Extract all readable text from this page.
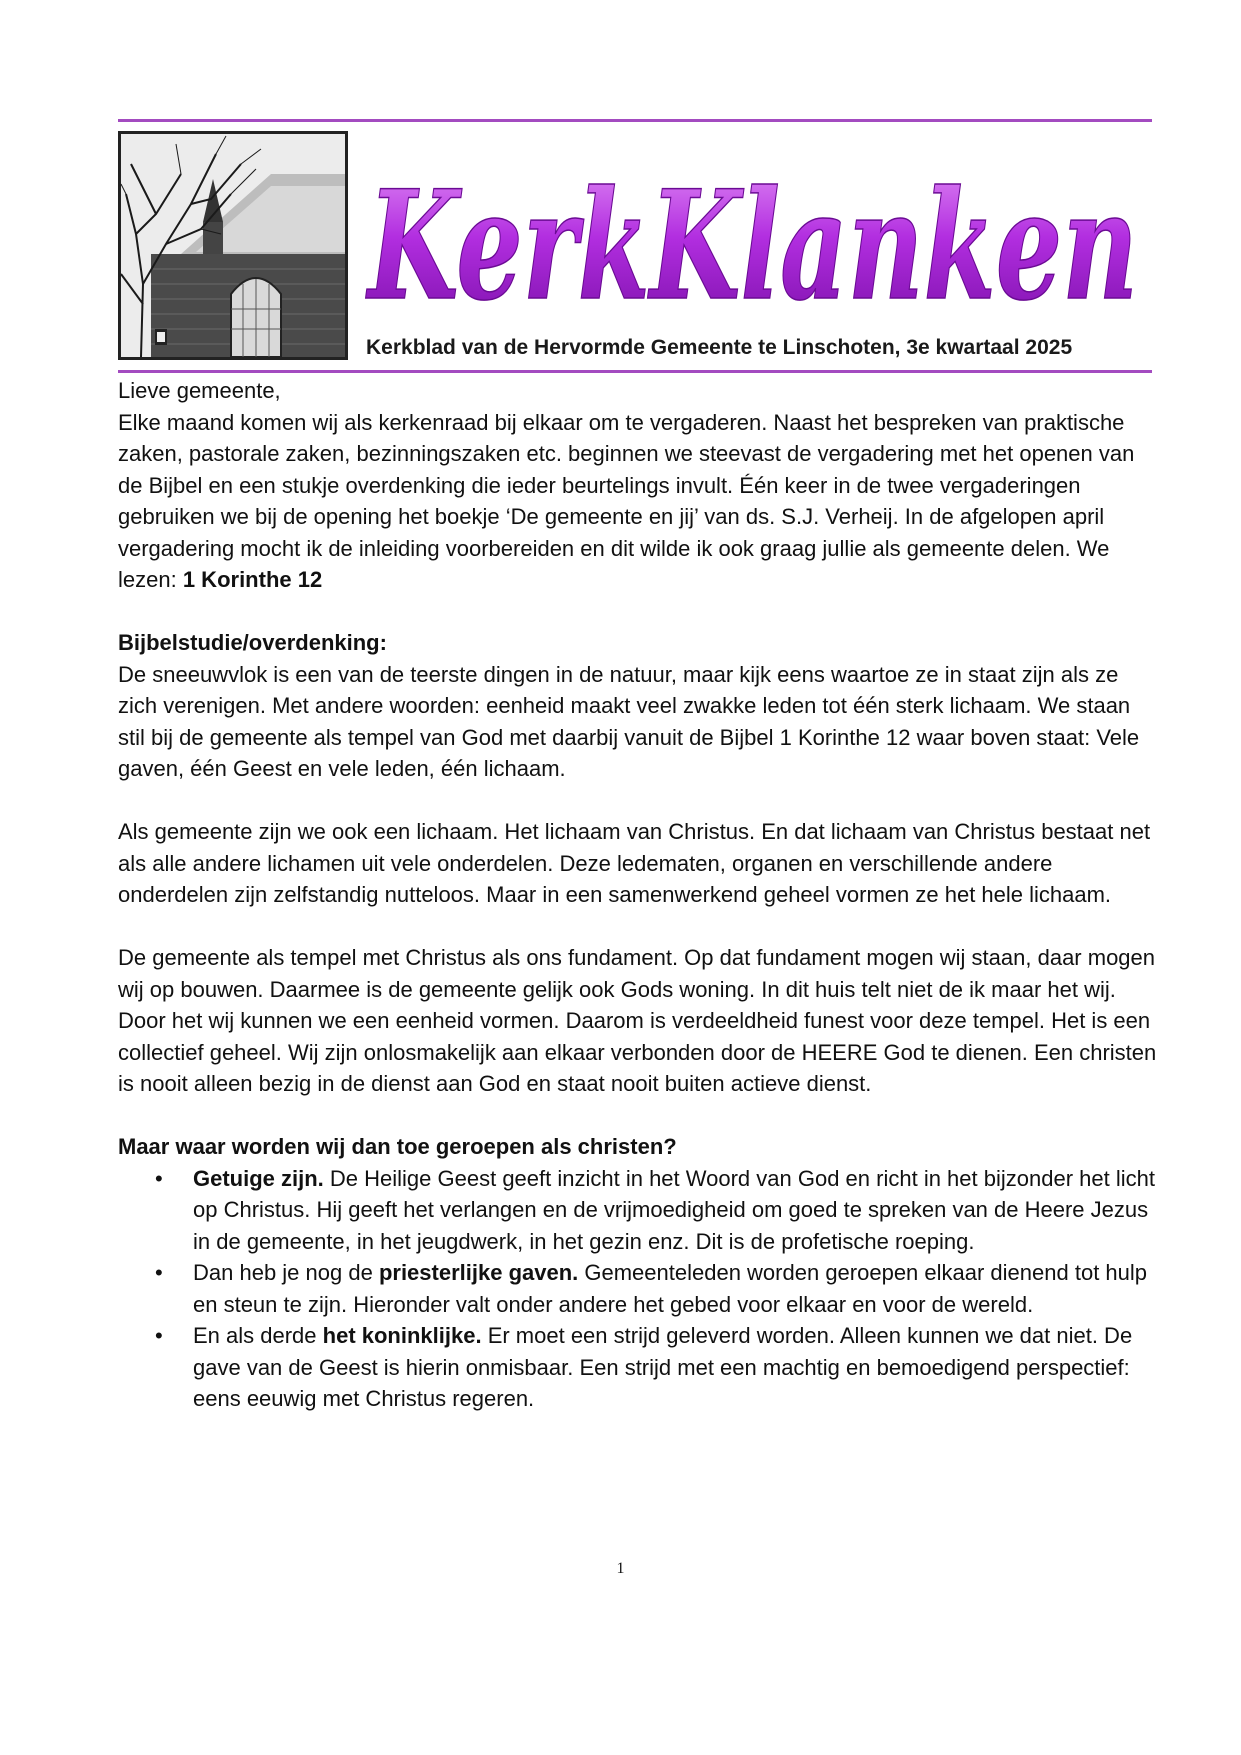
KerkKlanken
Kerkblad van de Hervormde Gemeente te Linschoten, 3e kwartaal 2025

Lieve gemeente,

Elke maand komen wij als kerkenraad bij elkaar om te vergaderen. Naast het bespreken van praktische zaken, pastorale zaken, bezinningszaken etc. beginnen we steevast de vergadering met het openen van de Bijbel en een stukje overdenking die ieder beurtelings invult. Één keer in de twee vergaderingen gebruiken we bij de opening het boekje ‘De gemeente en jij’ van ds. S.J. Verheij. In de afgelopen april vergadering mocht ik de inleiding voorbereiden en dit wilde ik ook graag jullie als gemeente delen. We lezen: 1 Korinthe 12

Bijbelstudie/overdenking:

De sneeuwvlok is een van de teerste dingen in de natuur, maar kijk eens waartoe ze in staat zijn als ze zich verenigen. Met andere woorden: eenheid maakt veel zwakke leden tot één sterk lichaam. We staan stil bij de gemeente als tempel van God met daarbij vanuit de Bijbel 1 Korinthe 12 waar boven staat: Vele gaven, één Geest en vele leden, één lichaam.

Als gemeente zijn we ook een lichaam. Het lichaam van Christus. En dat lichaam van Christus bestaat net als alle andere lichamen uit vele onderdelen. Deze ledematen, organen en verschillende andere onderdelen zijn zelfstandig nutteloos. Maar in een samenwerkend geheel vormen ze het hele lichaam.

De gemeente als tempel met Christus als ons fundament. Op dat fundament mogen wij staan, daar mogen wij op bouwen. Daarmee is de gemeente gelijk ook Gods woning. In dit huis telt niet de ik maar het wij. Door het wij kunnen we een eenheid vormen. Daarom is verdeeldheid funest voor deze tempel. Het is een collectief geheel. Wij zijn onlosmakelijk aan elkaar verbonden door de HEERE God te dienen. Een christen is nooit alleen bezig in de dienst aan God en staat nooit buiten actieve dienst.

Maar waar worden wij dan toe geroepen als christen?

• Getuige zijn. De Heilige Geest geeft inzicht in het Woord van God en richt in het bijzonder het licht op Christus. Hij geeft het verlangen en de vrijmoedigheid om goed te spreken van de Heere Jezus in de gemeente, in het jeugdwerk, in het gezin enz. Dit is de profetische roeping.
• Dan heb je nog de priesterlijke gaven. Gemeenteleden worden geroepen elkaar dienend tot hulp en steun te zijn. Hieronder valt onder andere het gebed voor elkaar en voor de wereld.
• En als derde het koninklijke. Er moet een strijd geleverd worden. Alleen kunnen we dat niet. De gave van de Geest is hierin onmisbaar. Een strijd met een machtig en bemoedigend perspectief: eens eeuwig met Christus regeren.
1
